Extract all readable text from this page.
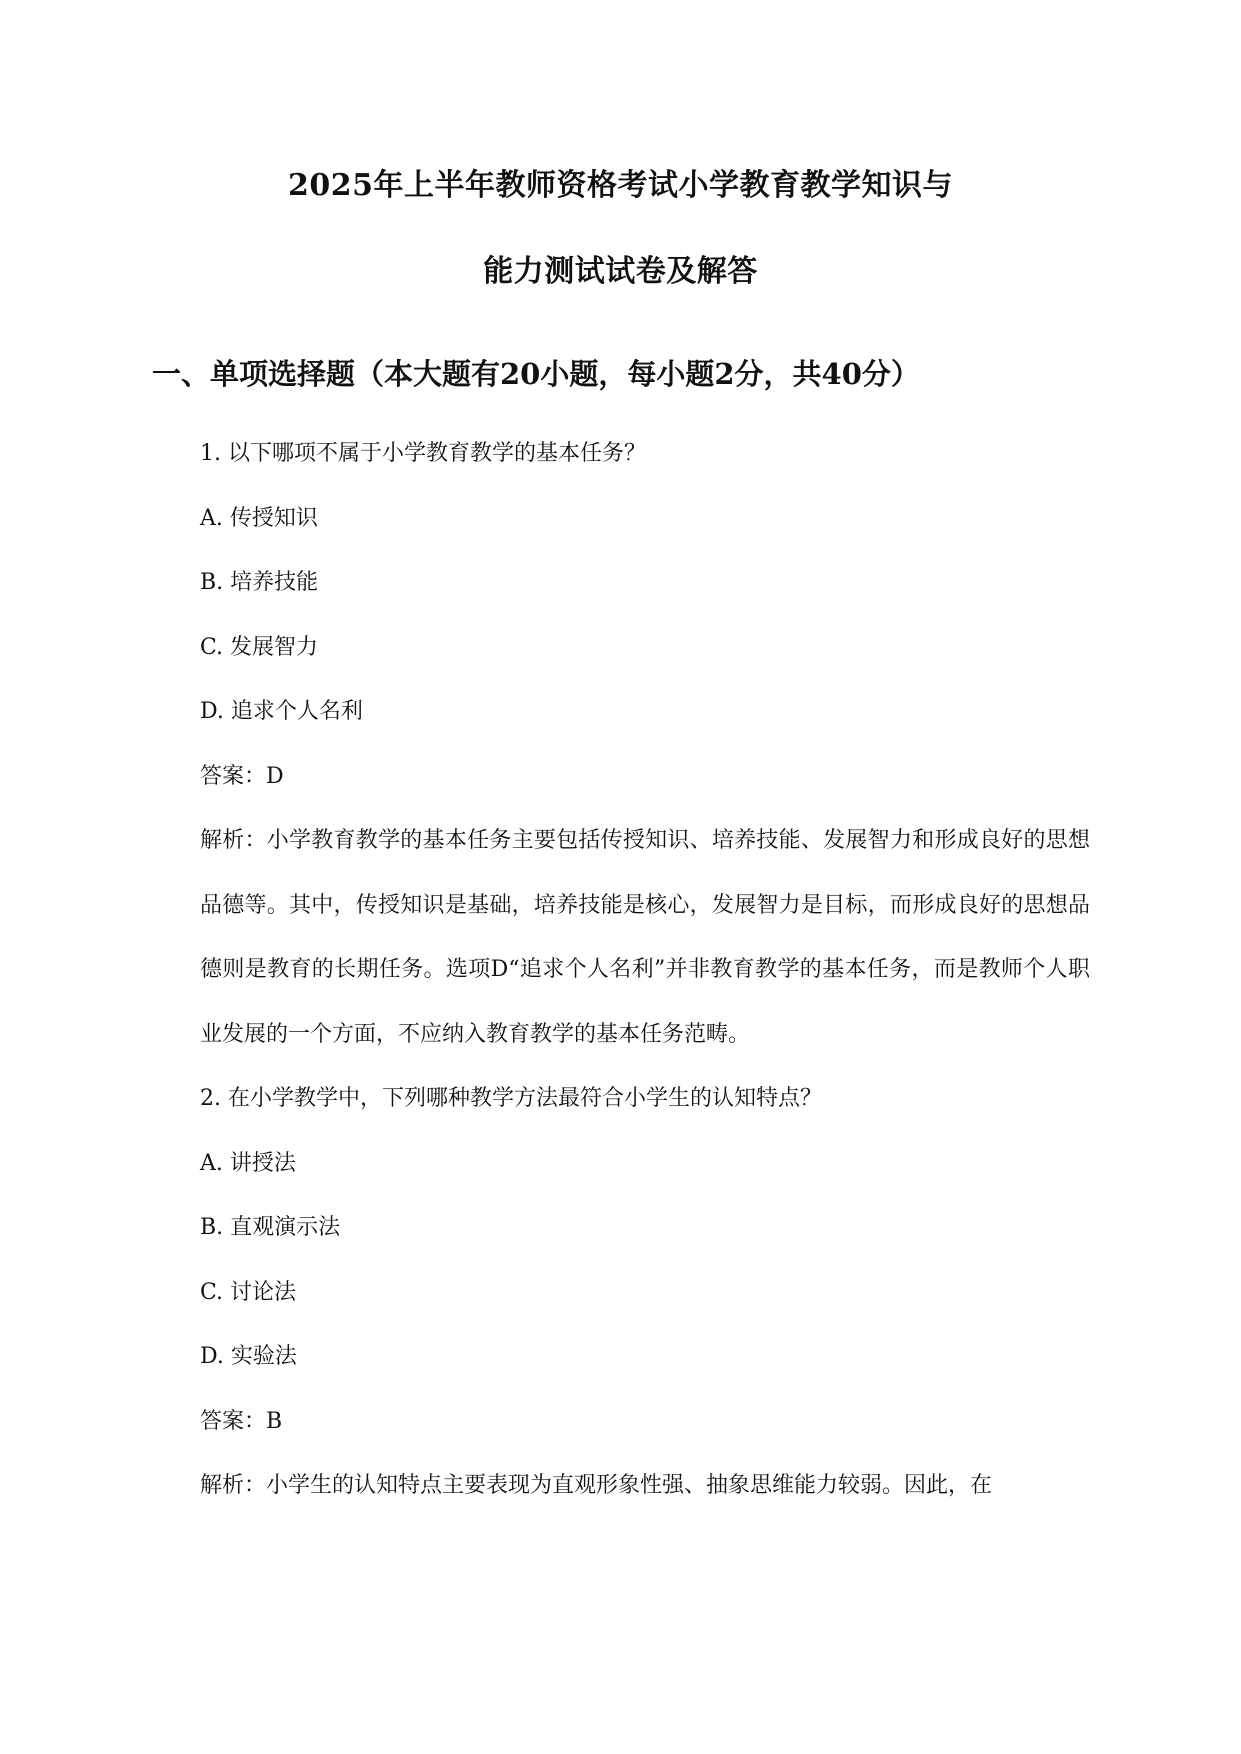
2025年上半年教师资格考试小学教育教学知识与
能力测试试卷及解答
一、单项选择题（本大题有20小题，每小题2分，共40分）
1. 以下哪项不属于小学教育教学的基本任务？
A. 传授知识
B. 培养技能
C. 发展智力
D. 追求个人名利
答案：D
解析：小学教育教学的基本任务主要包括传授知识、培养技能、发展智力和形成良好的思想品德等。其中，传授知识是基础，培养技能是核心，发展智力是目标，而形成良好的思想品德则是教育的长期任务。选项D“追求个人名利”并非教育教学的基本任务，而是教师个人职业发展的一个方面，不应纳入教育教学的基本任务范畴。
2. 在小学教学中，下列哪种教学方法最符合小学生的认知特点？
A. 讲授法
B. 直观演示法
C. 讨论法
D. 实验法
答案：B
解析：小学生的认知特点主要表现为直观形象性强、抽象思维能力较弱。因此，在
